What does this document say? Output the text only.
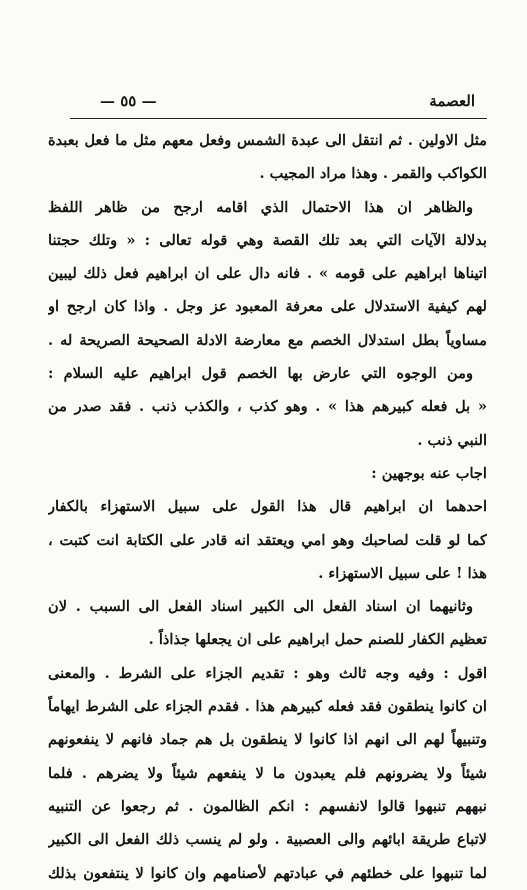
العصمة
— ٥٥ —
مثل الاولين . ثم انتقل الى عبدة الشمس وفعل معهم مثل ما فعل بعبدة
الكواكب والقمر . وهذا مراد المجيب .
والظاهر ان هذا الاحتمال الذي اقامه ارجح من ظاهر اللفظ
بدلالة الآيات التي بعد تلك القصة وهي قوله تعالى : « وتلك حجتنا
اتيناها ابراهيم على قومه » . فانه دال على ان ابراهيم فعل ذلك ليبين
لهم كيفية الاستدلال على معرفة المعبود عز وجل . واذا كان ارجح او
مساوياً بطل استدلال الخصم مع معارضة الادلة الصحيحة الصريحة له .
ومن الوجوه التي عارض بها الخصم قول ابراهيم عليه السلام :
« بل فعله كبيرهم هذا » . وهو كذب ، والكذب ذنب . فقد صدر من
النبي ذنب .
اجاب عنه بوجهين :
احدهما ان ابراهيم قال هذا القول على سبيل الاستهزاء بالكفار
كما لو قلت لصاحبك وهو امي ويعتقد انه قادر على الكتابة انت كتبت ،
هذا ! على سبيل الاستهزاء .
وثانيهما ان اسناد الفعل الى الكبير اسناد الفعل الى السبب . لان
تعظيم الكفار للصنم حمل ابراهيم على ان يجعلها جذاذاً .
اقول : وفيه وجه ثالث وهو : تقديم الجزاء على الشرط . والمعنى
ان كانوا ينطقون فقد فعله كبيرهم هذا . فقدم الجزاء على الشرط ايهاماً
وتنبيهاً لهم الى انهم اذا كانوا لا ينطقون بل هم جماد فانهم لا ينفعونهم
شيئاً ولا يضرونهم فلم يعبدون ما لا ينفعهم شيئاً ولا يضرهم . فلما
نبههم تنبهوا قالوا لانفسهم : انكم الظالمون . ثم رجعوا عن التنبيه
لاتباع طريقة ابائهم والى العصبية . ولو لم ينسب ذلك الفعل الى الكبير
لما تنبهوا على خطئهم في عبادتهم لأصنامهم وان كانوا لا ينتفعون بذلك
